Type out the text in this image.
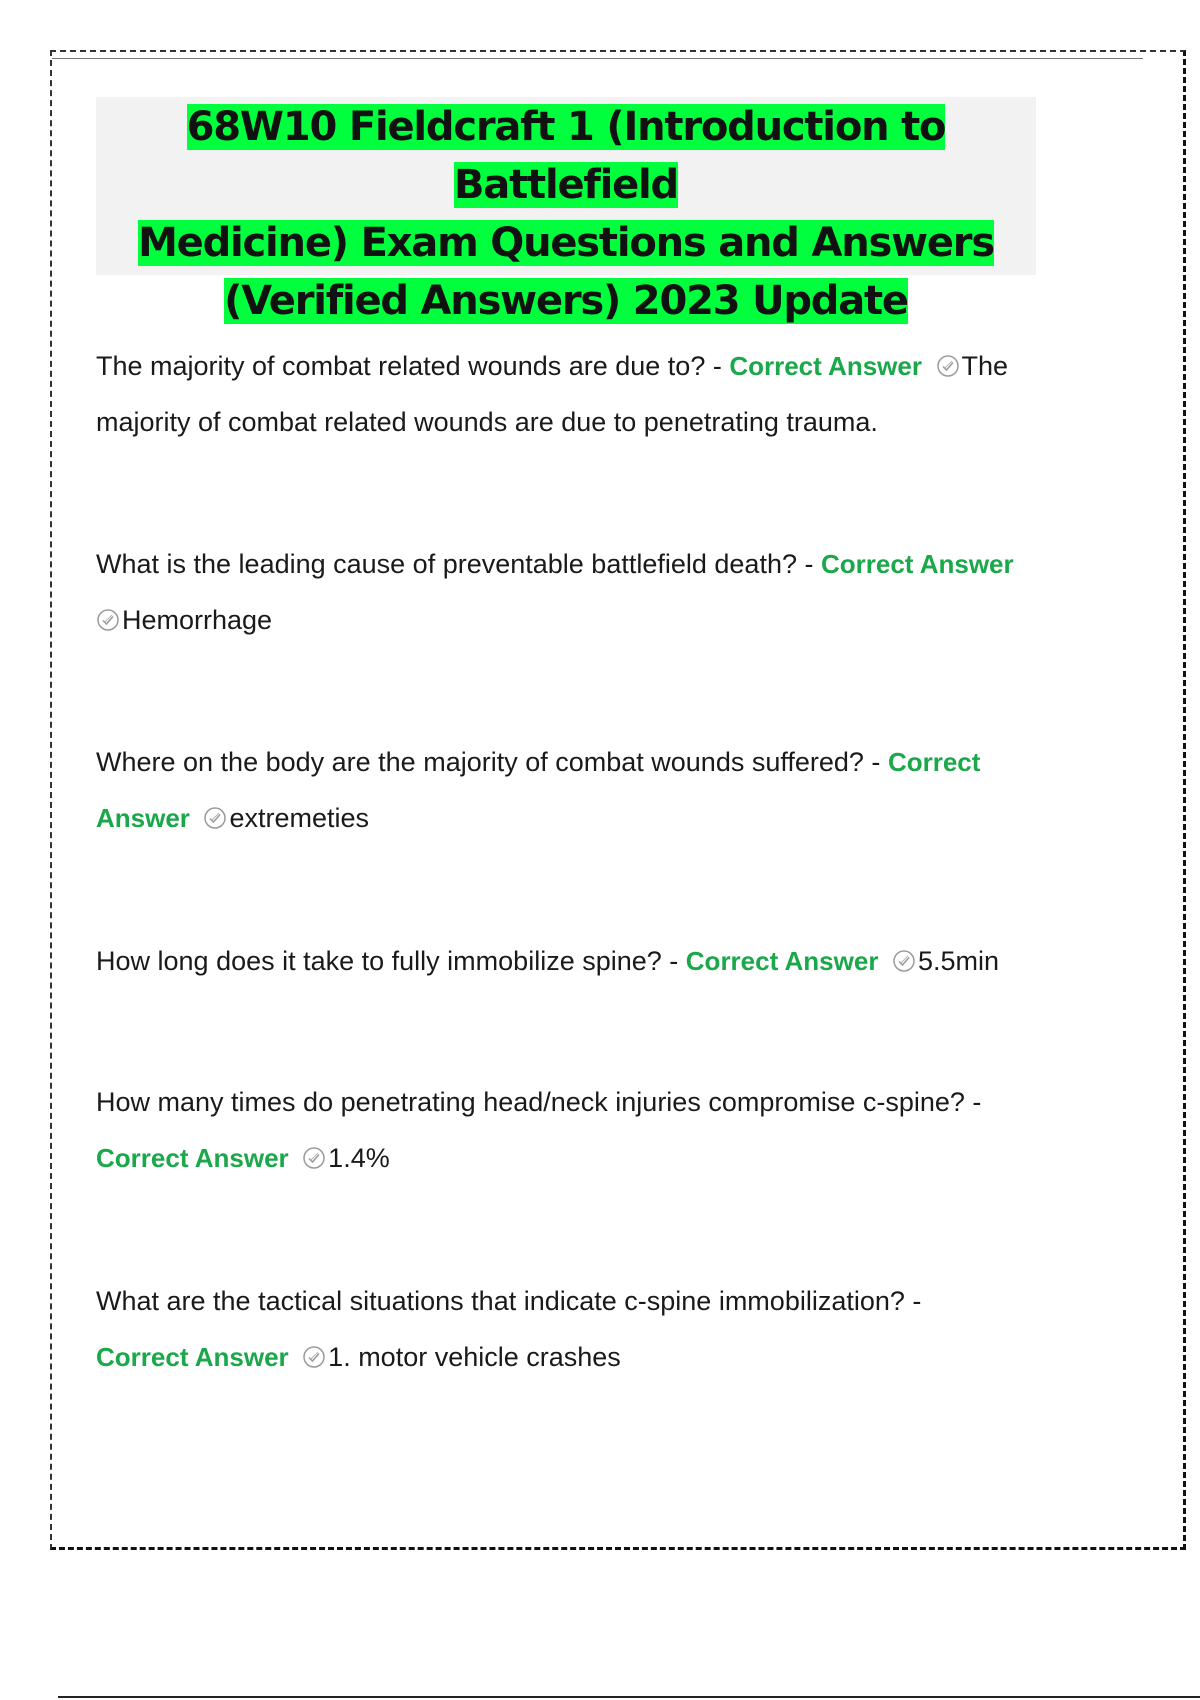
68W10 Fieldcraft 1 (Introduction to Battlefield
Medicine) Exam Questions and Answers
(Verified Answers) 2023 Update
The majority of combat related wounds are due to? - Correct Answer The majority of combat related wounds are due to penetrating trauma.
What is the leading cause of preventable battlefield death? - Correct Answer
Hemorrhage
Where on the body are the majority of combat wounds suffered? - Correct
Answer extremeties
How long does it take to fully immobilize spine? - Correct Answer 5.5min
How many times do penetrating head/neck injuries compromise c-spine? -
Correct Answer 1.4%
What are the tactical situations that indicate c-spine immobilization? -
Correct Answer 1. motor vehicle crashes
